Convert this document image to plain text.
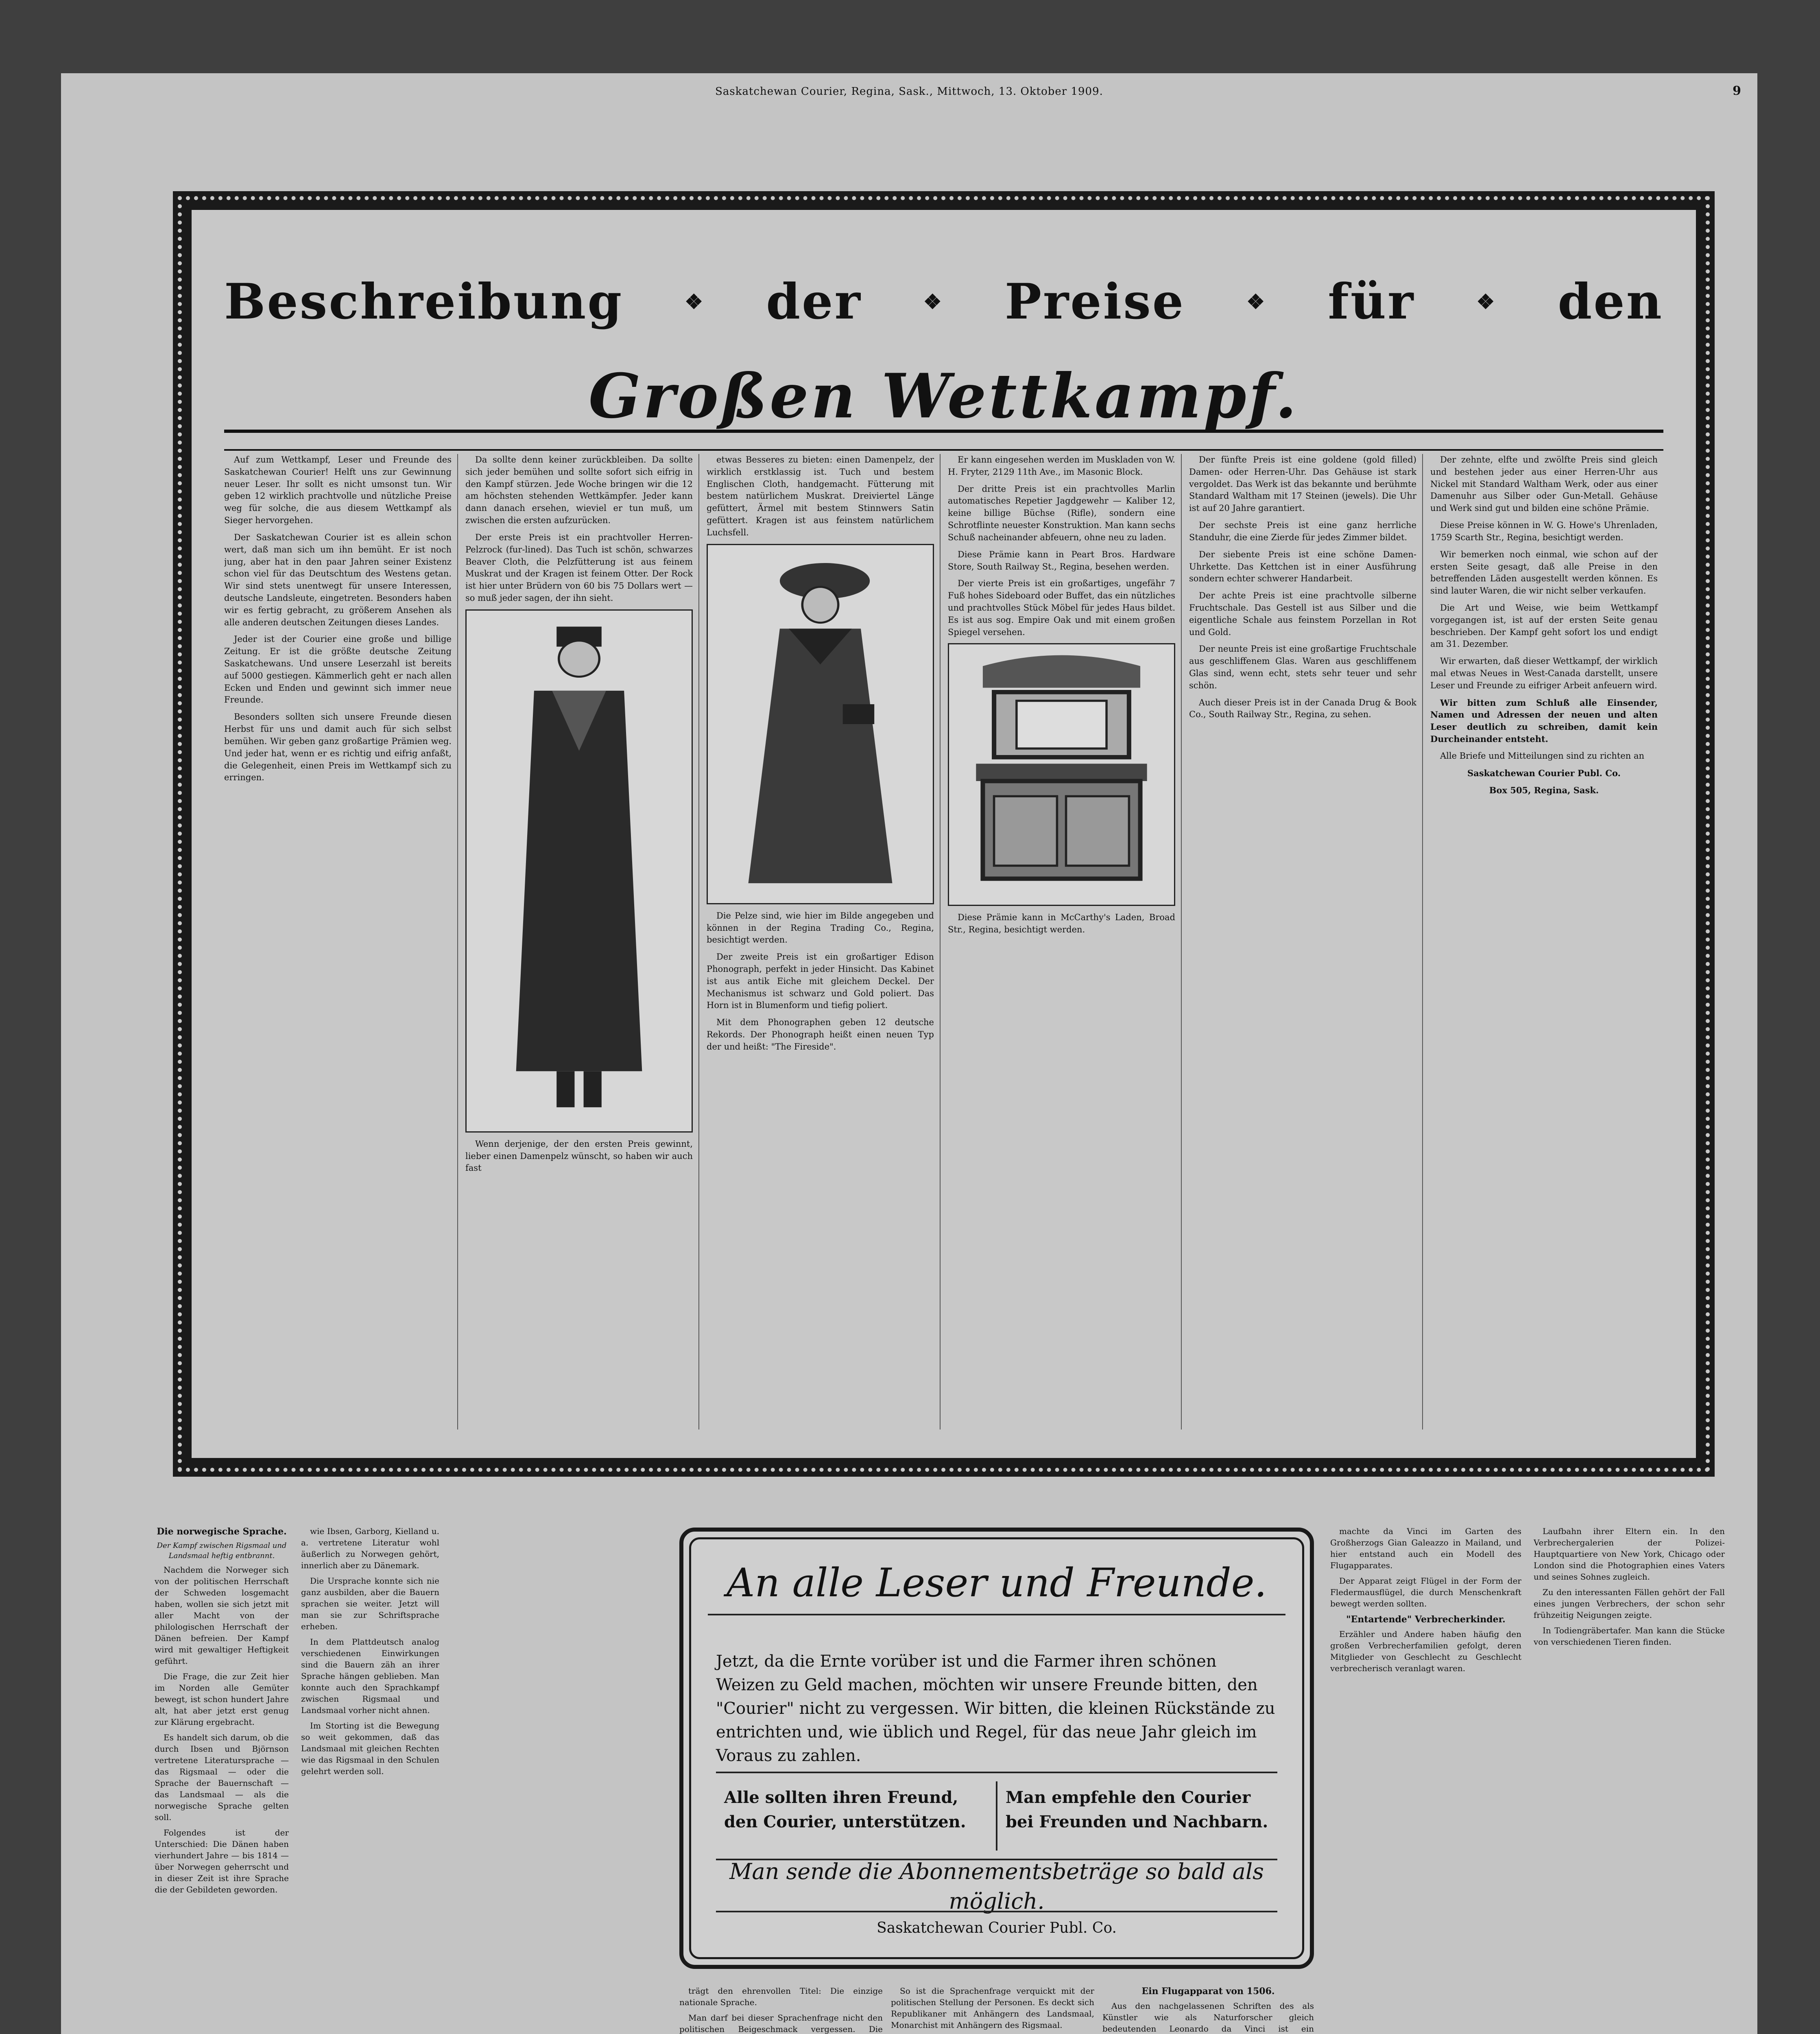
Saskatchewan Courier, Regina, Sask., Mittwoch, 13. Oktober 1909.	9
Beschreibung	❖ der	❖ Preise	❖ für	❖ den
Großen Wettkampf.

Auf zum Wettkampf, Leser und Freunde des Saskatchewan Courier! Helft uns zur Gewinnung neuer Leser. Ihr sollt es nicht umsonst tun. Wir geben 12 wirklich prachtvolle und nützliche Preise weg für solche, die aus diesem Wettkampf als Sieger hervorgehen.

Der Saskatchewan Courier ist es allein schon wert, daß man sich um ihn bemüht. Er ist noch jung, aber hat in den paar Jahren seiner Existenz schon viel für das Deutschtum des Westens getan. Wir sind stets unentwegt für unsere Interessen, deutsche Landsleute, eingetreten. Besonders haben wir es fertig gebracht, zu größerem Ansehen als alle anderen deutschen Zeitungen dieses Landes.

Jeder ist der Courier eine große und billige Zeitung. Er ist die größte deutsche Zeitung Saskatchewans. Und unsere Leserzahl ist bereits auf 5000 gestiegen. Kämmerlich geht er nach allen Ecken und Enden und gewinnt sich immer neue Freunde.

Besonders sollten sich unsere Freunde diesen Herbst für uns und damit auch für sich selbst bemühen. Wir geben ganz großartige Prämien weg. Und jeder hat, wenn er es richtig und eifrig anfaßt, die Gelegenheit, einen Preis im Wettkampf sich zu erringen.

Da sollte denn keiner zurückbleiben. Da sollte sich jeder bemühen und sollte sofort sich eifrig in den Kampf stürzen. Jede Woche bringen wir die 12 am höchsten stehenden Wettkämpfer. Jeder kann dann danach ersehen, wieviel er tun muß, um zwischen die ersten aufzurücken.

Der erste Preis ist ein prachtvoller Herren-Pelzrock (fur-lined). Das Tuch ist schön, schwarzes Beaver Cloth, die Pelzfütterung ist aus feinem Muskrat und der Kragen ist feinem Otter. Der Rock ist hier unter Brüdern von 60 bis 75 Dollars wert — so muß jeder sagen, der ihn sieht.

Wenn derjenige, der den ersten Preis gewinnt, lieber einen Damenpelz wünscht, so haben wir auch fast

etwas Besseres zu bieten: einen Damenpelz, der wirklich erstklassig ist. Tuch und bestem Englischen Cloth, handgemacht. Fütterung mit bestem natürlichem Muskrat. Dreiviertel Länge gefüttert, Ärmel mit bestem Stinnwers Satin gefüttert. Kragen ist aus feinstem natürlichem Luchsfell.

Die Pelze sind, wie hier im Bilde angegeben und können in der Regina Trading Co., Regina, besichtigt werden.

Der zweite Preis ist ein großartiger Edison Phonograph, perfekt in jeder Hinsicht. Das Kabinet ist aus antik Eiche mit gleichem Deckel. Der Mechanismus ist schwarz und Gold poliert. Das Horn ist in Blumenform und tiefig poliert.

Mit dem Phonographen geben 12 deutsche Rekords. Der Phonograph heißt einen neuen Typ der und heißt: "The Fireside".

Er kann eingesehen werden im Muskladen von W. H. Fryter, 2129 11th Ave., im Masonic Block.

Der dritte Preis ist ein prachtvolles Marlin automatisches Repetier Jagdgewehr — Kaliber 12, keine billige Büchse (Rifle), sondern eine Schrotflinte neuester Konstruktion. Man kann sechs Schuß nacheinander abfeuern, ohne neu zu laden.

Diese Prämie kann in Peart Bros. Hardware Store, South Railway St., Regina, besehen werden.

Der vierte Preis ist ein großartiges, ungefähr 7 Fuß hohes Sideboard oder Buffet, das ein nützliches und prachtvolles Stück Möbel für jedes Haus bildet. Es ist aus sog. Empire Oak und mit einem großen Spiegel versehen.

Diese Prämie kann in McCarthy's Laden, Broad Str., Regina, besichtigt werden.

Der fünfte Preis ist eine goldene (gold filled) Damen- oder Herren-Uhr. Das Gehäuse ist stark vergoldet. Das Werk ist das bekannte und berühmte Standard Waltham mit 17 Steinen (jewels). Die Uhr ist auf 20 Jahre garantiert.

Der sechste Preis ist eine ganz herrliche Standuhr, die eine Zierde für jedes Zimmer bildet.

Der siebente Preis ist eine schöne Damen-Uhrkette. Das Kettchen ist in einer Ausführung sondern echter schwerer Handarbeit.

Der achte Preis ist eine prachtvolle silberne Fruchtschale. Das Gestell ist aus Silber und die eigentliche Schale aus feinstem Porzellan in Rot und Gold.

Der neunte Preis ist eine großartige Fruchtschale aus geschliffenem Glas. Waren aus geschliffenem Glas sind, wenn echt, stets sehr teuer und sehr schön.

Auch dieser Preis ist in der Canada Drug & Book Co., South Railway Str., Regina, zu sehen.

Der zehnte, elfte und zwölfte Preis sind gleich und bestehen jeder aus einer Herren-Uhr aus Nickel mit Standard Waltham Werk, oder aus einer Damenuhr aus Silber oder Gun-Metall. Gehäuse und Werk sind gut und bilden eine schöne Prämie.

Diese Preise können in W. G. Howe's Uhrenladen, 1759 Scarth Str., Regina, besichtigt werden.

Wir bemerken noch einmal, wie schon auf der ersten Seite gesagt, daß alle Preise in den betreffenden Läden ausgestellt werden können. Es sind lauter Waren, die wir nicht selber verkaufen.

Die Art und Weise, wie beim Wettkampf vorgegangen ist, ist auf der ersten Seite genau beschrieben. Der Kampf geht sofort los und endigt am 31. Dezember.

Wir erwarten, daß dieser Wettkampf, der wirklich mal etwas Neues in West-Canada darstellt, unsere Leser und Freunde zu eifriger Arbeit anfeuern wird.

Wir bitten zum Schluß alle Einsender, Namen und Adressen der neuen und alten Leser deutlich zu schreiben, damit kein Durcheinander entsteht.

Alle Briefe und Mitteilungen sind zu richten an

Saskatchewan Courier Publ. Co.

Box 505, Regina, Sask.

Die norwegische Sprache.
Der Kampf zwischen Rigsmaal und Landsmaal heftig entbrannt.

Nachdem die Norweger sich von der politischen Herrschaft der Schweden losgemacht haben, wollen sie sich jetzt mit aller Macht von der philologischen Herrschaft der Dänen befreien. Der Kampf wird mit gewaltiger Heftigkeit geführt.

Die Frage, die zur Zeit hier im Norden alle Gemüter bewegt, ist schon hundert Jahre alt, hat aber jetzt erst genug zur Klärung ergebracht.

Es handelt sich darum, ob die durch Ibsen und Björnson vertretene Literatursprache — das Rigsmaal — oder die Sprache der Bauernschaft — das Landsmaal — als die norwegische Sprache gelten soll.

Folgendes ist der Unterschied: Die Dänen haben vierhundert Jahre — bis 1814 — über Norwegen geherrscht und in dieser Zeit ist ihre Sprache die der Gebildeten geworden.

wie Ibsen, Garborg, Kielland u. a. vertretene Literatur wohl äußerlich zu Norwegen gehört, innerlich aber zu Dänemark.

Die Ursprache konnte sich nie ganz ausbilden, aber die Bauern sprachen sie weiter. Jetzt will man sie zur Schriftsprache erheben.

In dem Plattdeutsch analog verschiedenen Einwirkungen sind die Bauern zäh an ihrer Sprache hängen geblieben. Man konnte auch den Sprachkampf zwischen Rigsmaal und Landsmaal vorher nicht ahnen.

Im Storting ist die Bewegung so weit gekommen, daß das Landsmaal mit gleichen Rechten wie das Rigsmaal in den Schulen gelehrt werden soll.

An alle Leser und Freunde.
Jetzt, da die Ernte vorüber ist und die Farmer ihren schönen Weizen zu Geld machen, möchten wir unsere Freunde bitten, den "Courier" nicht zu vergessen. Wir bitten, die kleinen Rückstände zu entrichten und, wie üblich und Regel, für das neue Jahr gleich im Voraus zu zahlen.
Alle sollten ihren Freund, den Courier, unterstützen.
Man empfehle den Courier bei Freunden und Nachbarn.
Man sende die Abonnementsbeträge so bald als möglich.
Saskatchewan Courier Publ. Co.

trägt den ehrenvollen Titel: Die einzige nationale Sprache.

Man darf bei dieser Sprachenfrage nicht den politischen Beigeschmack vergessen. Die

So ist die Sprachenfrage verquickt mit der politischen Stellung der Personen. Es deckt sich Republikaner mit Anhängern des Landsmaal, Monarchist mit Anhängern des Rigsmaal.

Ein Flugapparat von 1506.

Aus den nachgelassenen Schriften des als Künstler wie als Naturforscher gleich bedeutenden Leonardo da Vinci ist ein

machte da Vinci im Garten des Großherzogs Gian Galeazzo in Mailand, und hier entstand auch ein Modell des Flugapparates.

Der Apparat zeigt Flügel in der Form der Fledermausflügel, die durch Menschenkraft bewegt werden sollten.

"Entartende" Verbrecherkinder.

Erzähler und Andere haben häufig den großen Verbrecherfamilien gefolgt, deren Mitglieder von Geschlecht zu Geschlecht verbrecherisch veranlagt waren.

Laufbahn ihrer Eltern ein. In den Verbrechergalerien der Polizei-Hauptquartiere von New York, Chicago oder London sind die Photographien eines Vaters und seines Sohnes zugleich.

Zu den interessanten Fällen gehört der Fall eines jungen Verbrechers, der schon sehr frühzeitig Neigungen zeigte.

In Todiengräbertafer. Man kann die Stücke von verschiedenen Tieren finden.
